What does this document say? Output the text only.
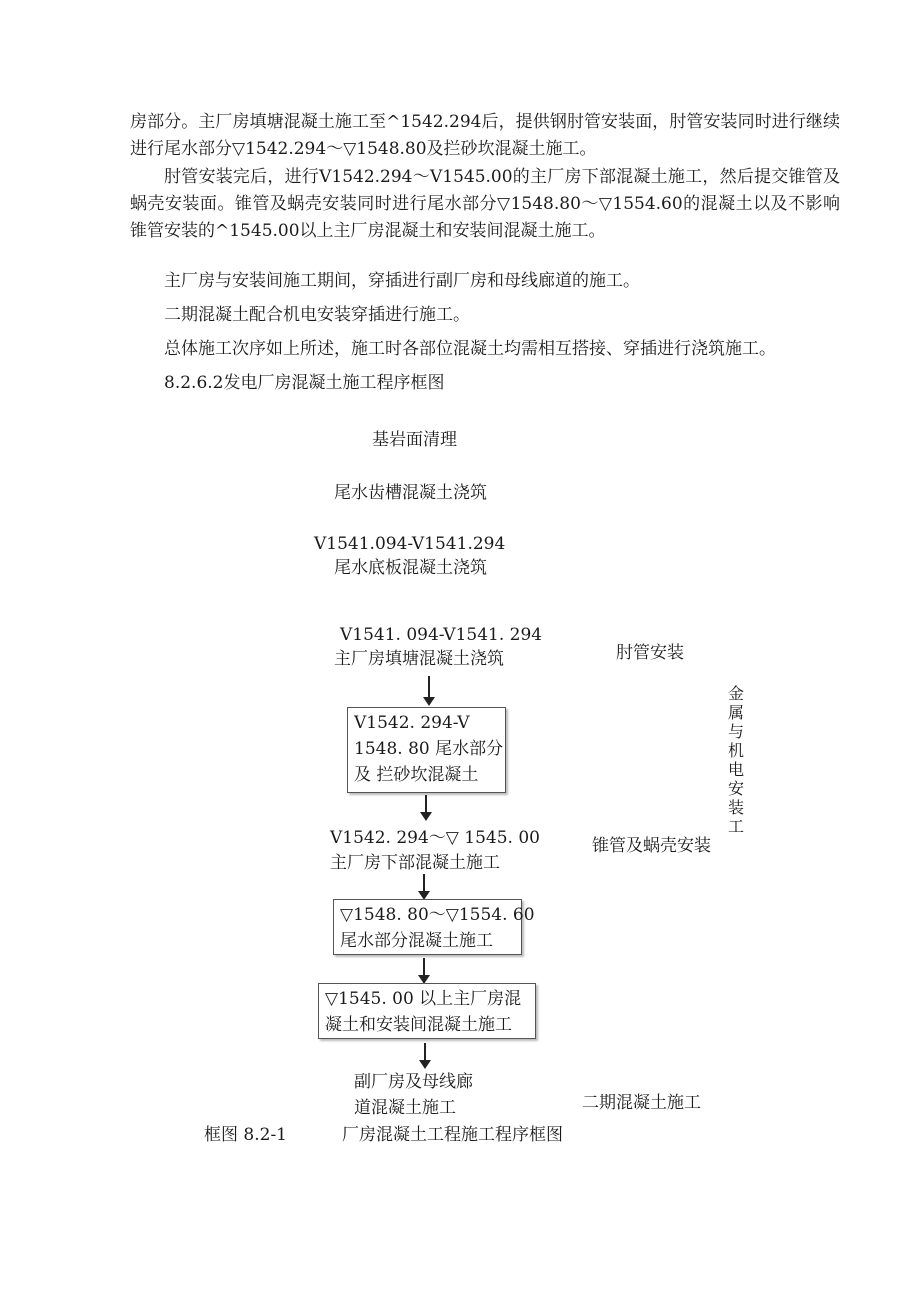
房部分。主厂房填塘混凝土施工至^1542.294后，提供钢肘管安装面，肘管安装同时进行继续进行尾水部分▽1542.294～▽1548.80及拦砂坎混凝土施工。

肘管安装完后，进行V1542.294～V1545.00的主厂房下部混凝土施工，然后提交锥管及蜗壳安装面。锥管及蜗壳安装同时进行尾水部分▽1548.80～▽1554.60的混凝土以及不影响锥管安装的^1545.00以上主厂房混凝土和安装间混凝土施工。

主厂房与安装间施工期间，穿插进行副厂房和母线廊道的施工。

二期混凝土配合机电安装穿插进行施工。

总体施工次序如上所述，施工时各部位混凝土均需相互搭接、穿插进行浇筑施工。

8.2.6.2发电厂房混凝土施工程序框图

基岩面清理
尾水齿槽混凝土浇筑
V1541.094-V1541.294
尾水底板混凝土浇筑
V1541. 094-V1541. 294
主厂房填塘混凝土浇筑	肘管安装
V1542. 294-V
1548. 80 尾水部分
及 拦砂坎混凝土
金属与机电安装工
V1542. 294～▽ 1545. 00
主厂房下部混凝土施工
锥管及蜗壳安装
▽1548. 80～▽1554. 60
尾水部分混凝土施工
▽1545. 00 以上主厂房混
凝土和安装间混凝土施工
副厂房及母线廊
道混凝土施工	二期混凝土施工
框图 8.2-1	厂房混凝土工程施工程序框图
